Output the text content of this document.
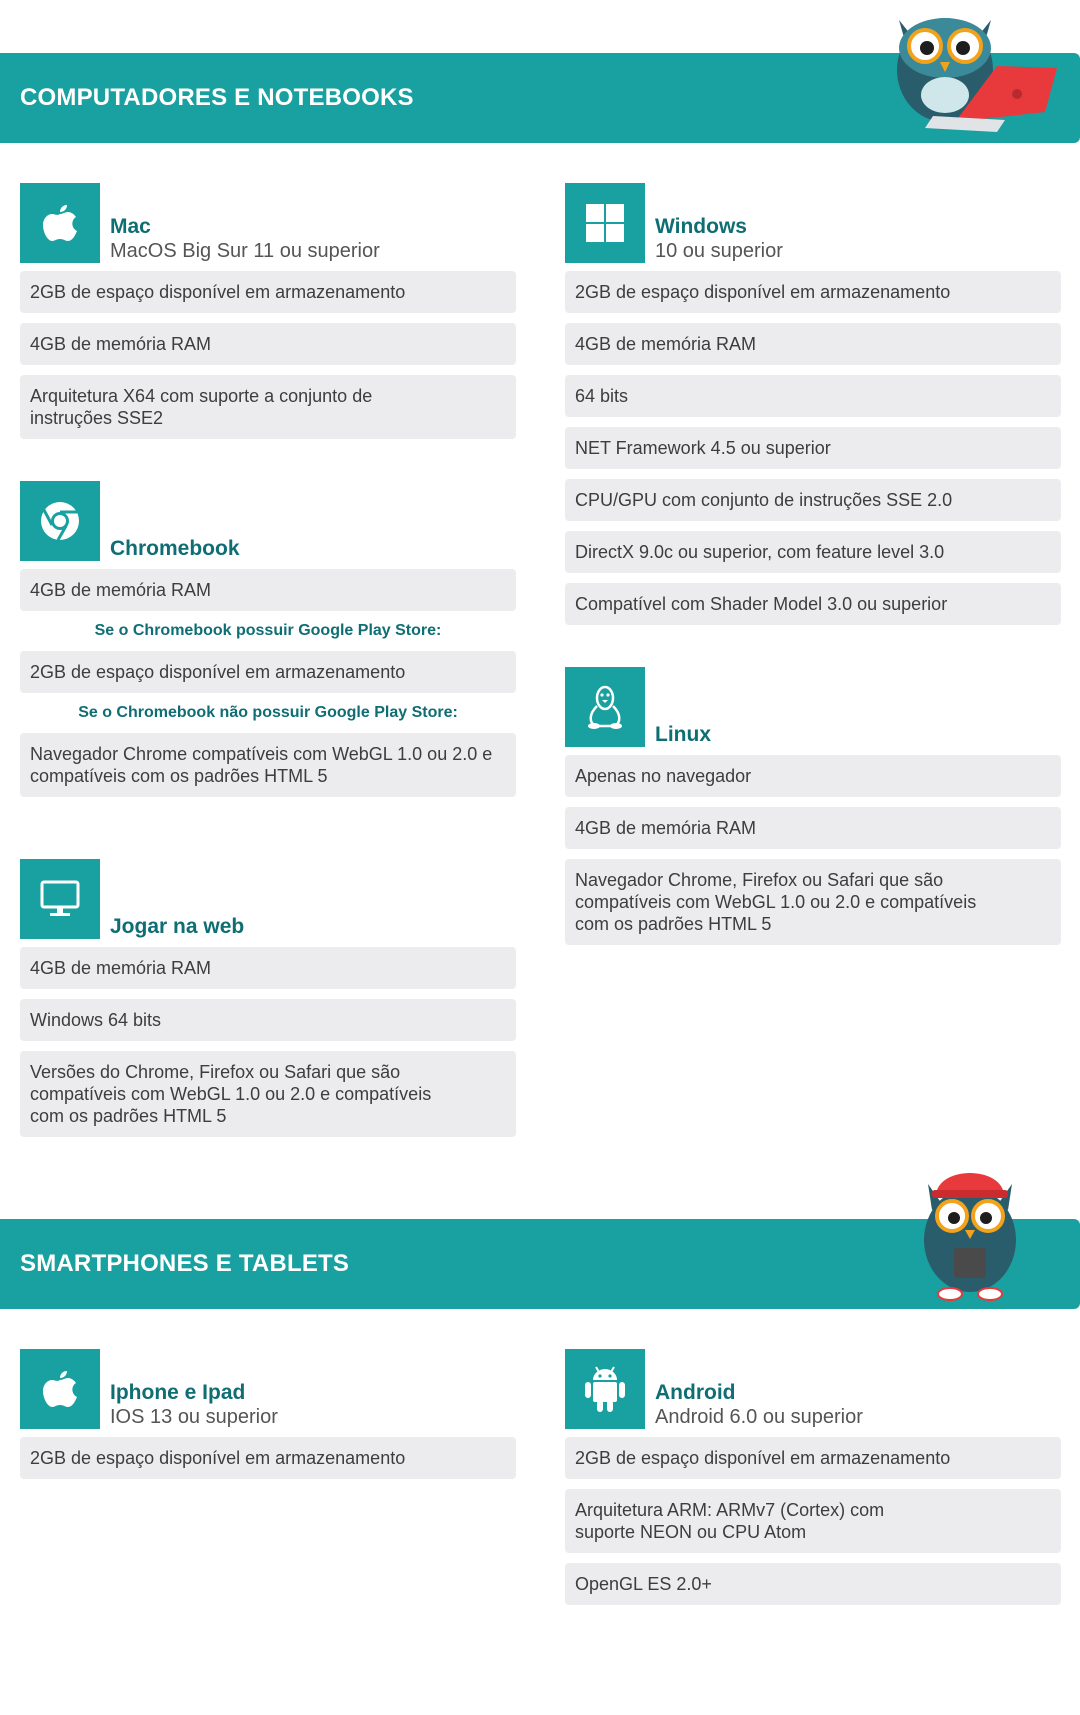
COMPUTADORES E NOTEBOOKS
Mac
MacOS Big Sur 11 ou superior
2GB de espaço disponível em armazenamento
4GB de memória RAM
Arquitetura X64 com suporte a conjunto de instruções SSE2
Chromebook
4GB de memória RAM
Se o Chromebook possuir Google Play Store:
2GB de espaço disponível em armazenamento
Se o Chromebook não possuir Google Play Store:
Navegador Chrome compatíveis com WebGL 1.0 ou 2.0 e compatíveis com os padrões HTML 5
Jogar na web
4GB de memória RAM
Windows 64 bits
Versões do Chrome, Firefox ou Safari que são compatíveis com WebGL 1.0 ou 2.0 e compatíveis com os padrões HTML 5
Windows
10 ou superior
2GB de espaço disponível em armazenamento
4GB de memória RAM
64 bits
NET Framework 4.5 ou superior
CPU/GPU com conjunto de instruções SSE 2.0
DirectX 9.0c ou superior, com feature level 3.0
Compatível com Shader Model 3.0 ou superior
Linux
Apenas no navegador
4GB de memória RAM
Navegador Chrome, Firefox ou Safari que são compatíveis com WebGL 1.0 ou 2.0 e compatíveis com os padrões HTML 5
SMARTPHONES E TABLETS
Iphone e Ipad
IOS 13 ou superior
2GB de espaço disponível em armazenamento
Android
Android 6.0 ou superior
2GB de espaço disponível em armazenamento
Arquitetura ARM: ARMv7 (Cortex) com suporte NEON ou CPU Atom
OpenGL ES 2.0+
